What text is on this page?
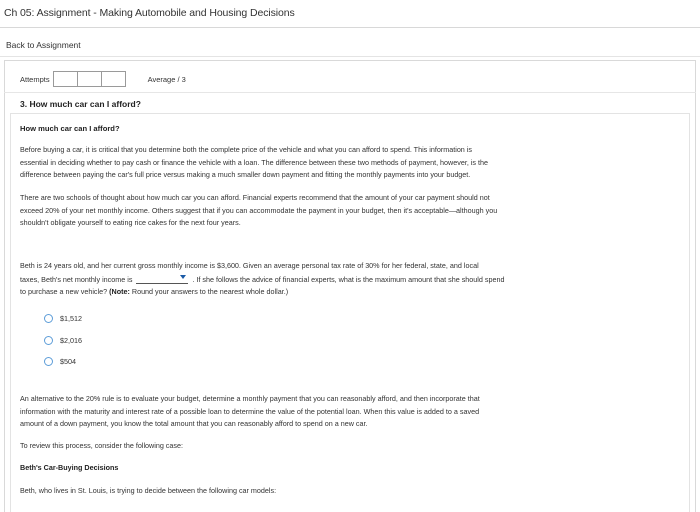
Ch 05: Assignment - Making Automobile and Housing Decisions
Back to Assignment
Attempts	Average / 3
3. How much car can I afford?
How much car can I afford?
Before buying a car, it is critical that you determine both the complete price of the vehicle and what you can afford to spend. This information is
essential in deciding whether to pay cash or finance the vehicle with a loan. The difference between these two methods of payment, however, is the
difference between paying the car's full price versus making a much smaller down payment and fitting the monthly payments into your budget.
There are two schools of thought about how much car you can afford. Financial experts recommend that the amount of your car payment should not
exceed 20% of your net monthly income. Others suggest that if you can accommodate the payment in your budget, then it's acceptable—although you
shouldn't obligate yourself to eating rice cakes for the next four years.
Beth is 24 years old, and her current gross monthly income is $3,600. Given an average personal tax rate of 30% for her federal, state, and local
taxes, Beth's net monthly income is	. If she follows the advice of financial experts, what is the maximum amount that she should spend
to purchase a new vehicle? (Note: Round your answers to the nearest whole dollar.)
$1,512
$2,016
$504
An alternative to the 20% rule is to evaluate your budget, determine a monthly payment that you can reasonably afford, and then incorporate that
information with the maturity and interest rate of a possible loan to determine the value of the potential loan. When this value is added to a saved
amount of a down payment, you know the total amount that you can reasonably afford to spend on a new car.
To review this process, consider the following case:
Beth's Car-Buying Decisions
Beth, who lives in St. Louis, is trying to decide between the following car models:
